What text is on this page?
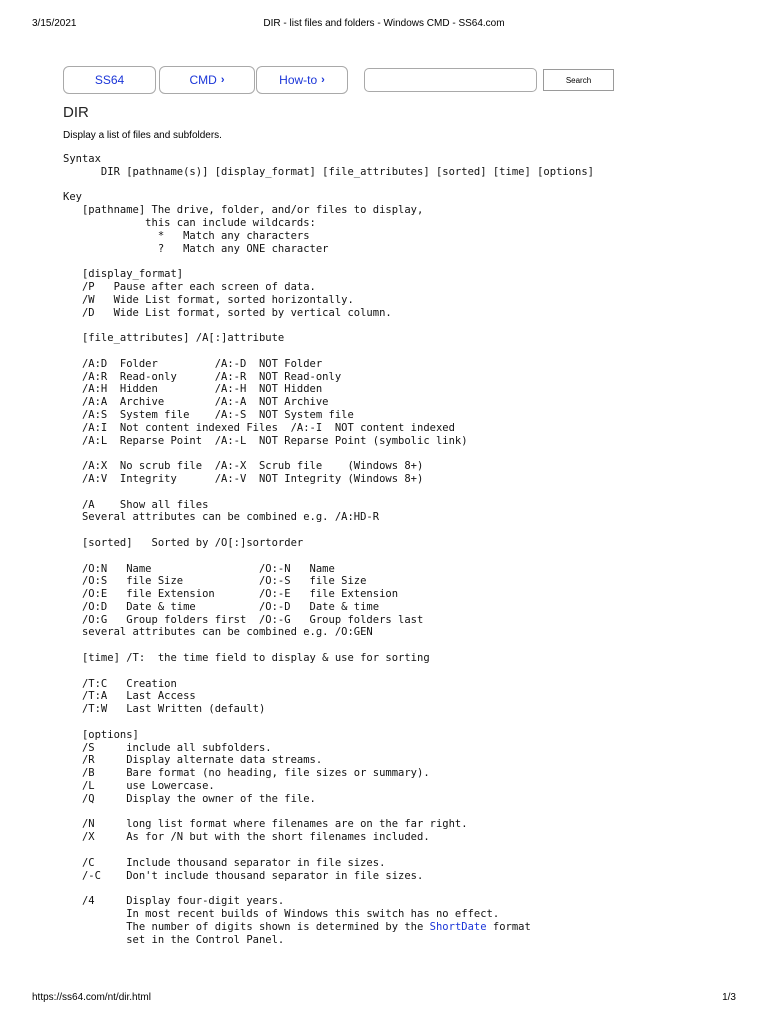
3/15/2021	DIR - list files and folders - Windows CMD - SS64.com
SS64	CMD ›	How-to ›	Search
DIR
Display a list of files and subfolders.
Syntax
DIR [pathname(s)] [display_format] [file_attributes] [sorted] [time] [options]
Key
[pathname] The drive, folder, and/or files to display,
this can include wildcards:
*   Match any characters
?   Match any ONE character
[display_format]
/P   Pause after each screen of data.
/W   Wide List format, sorted horizontally.
/D   Wide List format, sorted by vertical column.
[file_attributes] /A[:]attribute
/A:D  Folder         /A:-D  NOT Folder
/A:R  Read-only      /A:-R  NOT Read-only
/A:H  Hidden         /A:-H  NOT Hidden
/A:A  Archive        /A:-A  NOT Archive
/A:S  System file    /A:-S  NOT System file
/A:I  Not content indexed Files  /A:-I  NOT content indexed
/A:L  Reparse Point  /A:-L  NOT Reparse Point (symbolic link)
/A:X  No scrub file  /A:-X  Scrub file    (Windows 8+)
/A:V  Integrity      /A:-V  NOT Integrity (Windows 8+)
/A    Show all files
Several attributes can be combined e.g. /A:HD-R
[sorted]   Sorted by /O[:]sortorder
/O:N   Name                 /O:-N   Name
/O:S   file Size            /O:-S   file Size
/O:E   file Extension       /O:-E   file Extension
/O:D   Date & time          /O:-D   Date & time
/O:G   Group folders first  /O:-G   Group folders last
several attributes can be combined e.g. /O:GEN
[time] /T:  the time field to display & use for sorting
/T:C   Creation
/T:A   Last Access
/T:W   Last Written (default)
[options]
/S     include all subfolders.
/R     Display alternate data streams.
/B     Bare format (no heading, file sizes or summary).
/L     use Lowercase.
/Q     Display the owner of the file.
/N     long list format where filenames are on the far right.
/X     As for /N but with the short filenames included.
/C     Include thousand separator in file sizes.
/-C    Don't include thousand separator in file sizes.
/4     Display four-digit years.
In most recent builds of Windows this switch has no effect.
The number of digits shown is determined by the ShortDate format
set in the Control Panel.
https://ss64.com/nt/dir.html	1/3
